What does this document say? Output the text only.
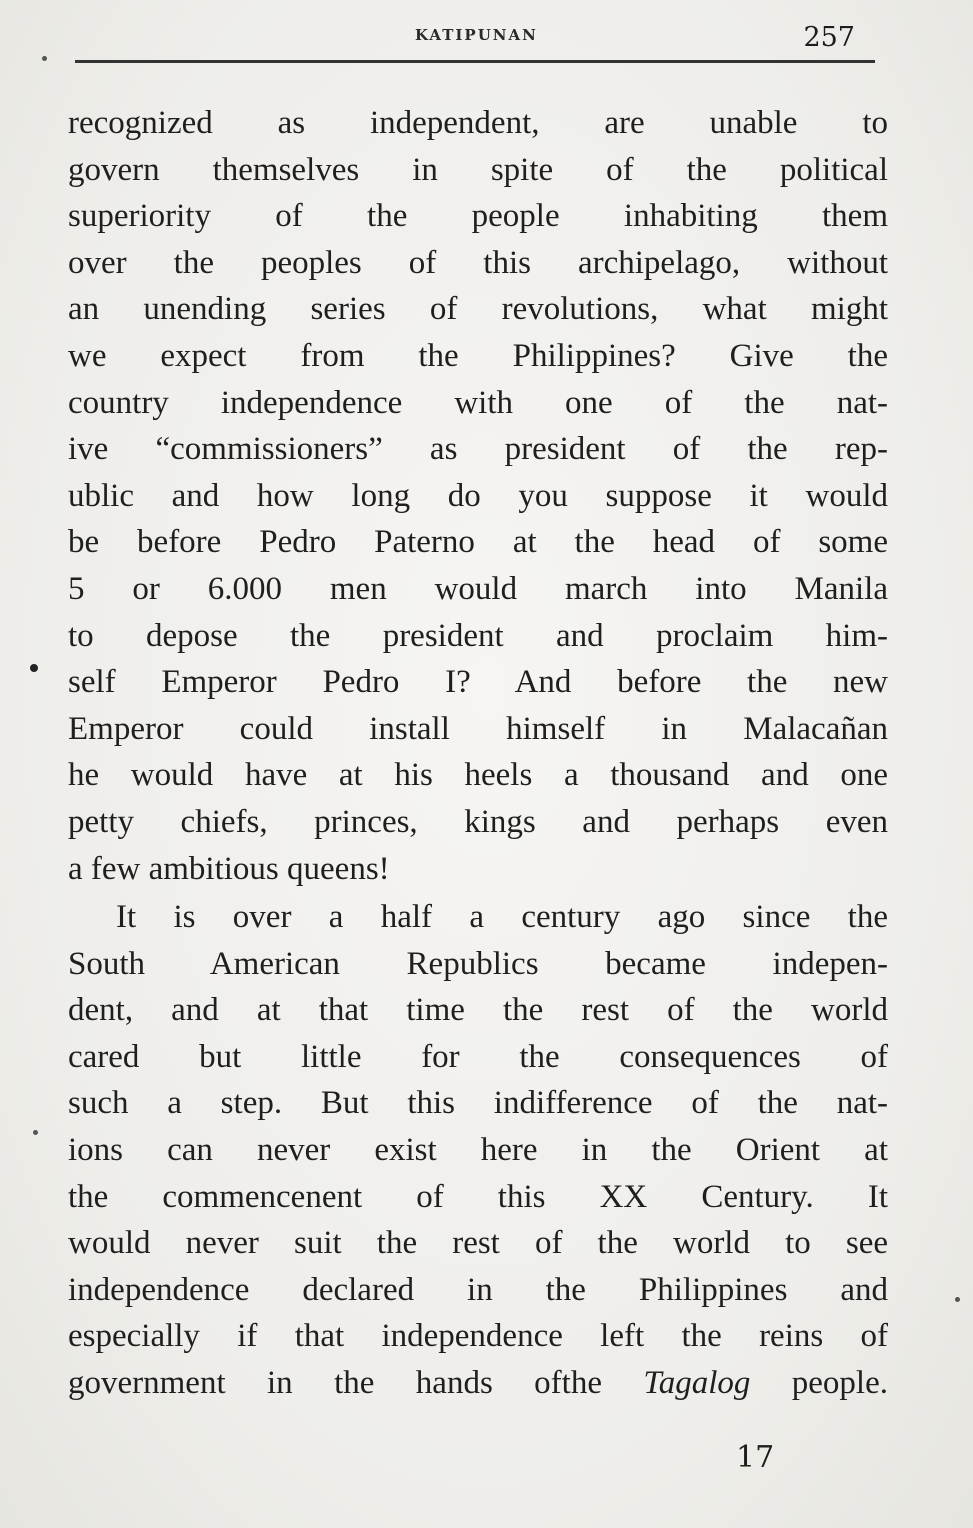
KATIPUNAN	257
recognized as independent, are unable to
govern themselves in spite of the political
superiority of the people inhabiting them
over the peoples of this archipelago, without
an unending series of revolutions, what might
we expect from the Philippines? Give the
country independence with one of the nat-
ive “commissioners” as president of the rep-
ublic and how long do you suppose it would
be before Pedro Paterno at the head of some
5 or 6.000 men would march into Manila
to depose the president and proclaim him-
self Emperor Pedro I? And before the new
Emperor could install himself in Malacañan
he would have at his heels a thousand and one
petty chiefs, princes, kings and perhaps even
a few ambitious queens!
It is over a half a century ago since the
South American Republics became indepen-
dent, and at that time the rest of the world
cared but little for the consequences of
such a step. But this indifference of the nat-
ions can never exist here in the Orient at
the commencenent of this XX Century. It
would never suit the rest of the world to see
independence declared in the Philippines and
especially if that independence left the reins of
government in the hands ofthe Tagalog people.
17
